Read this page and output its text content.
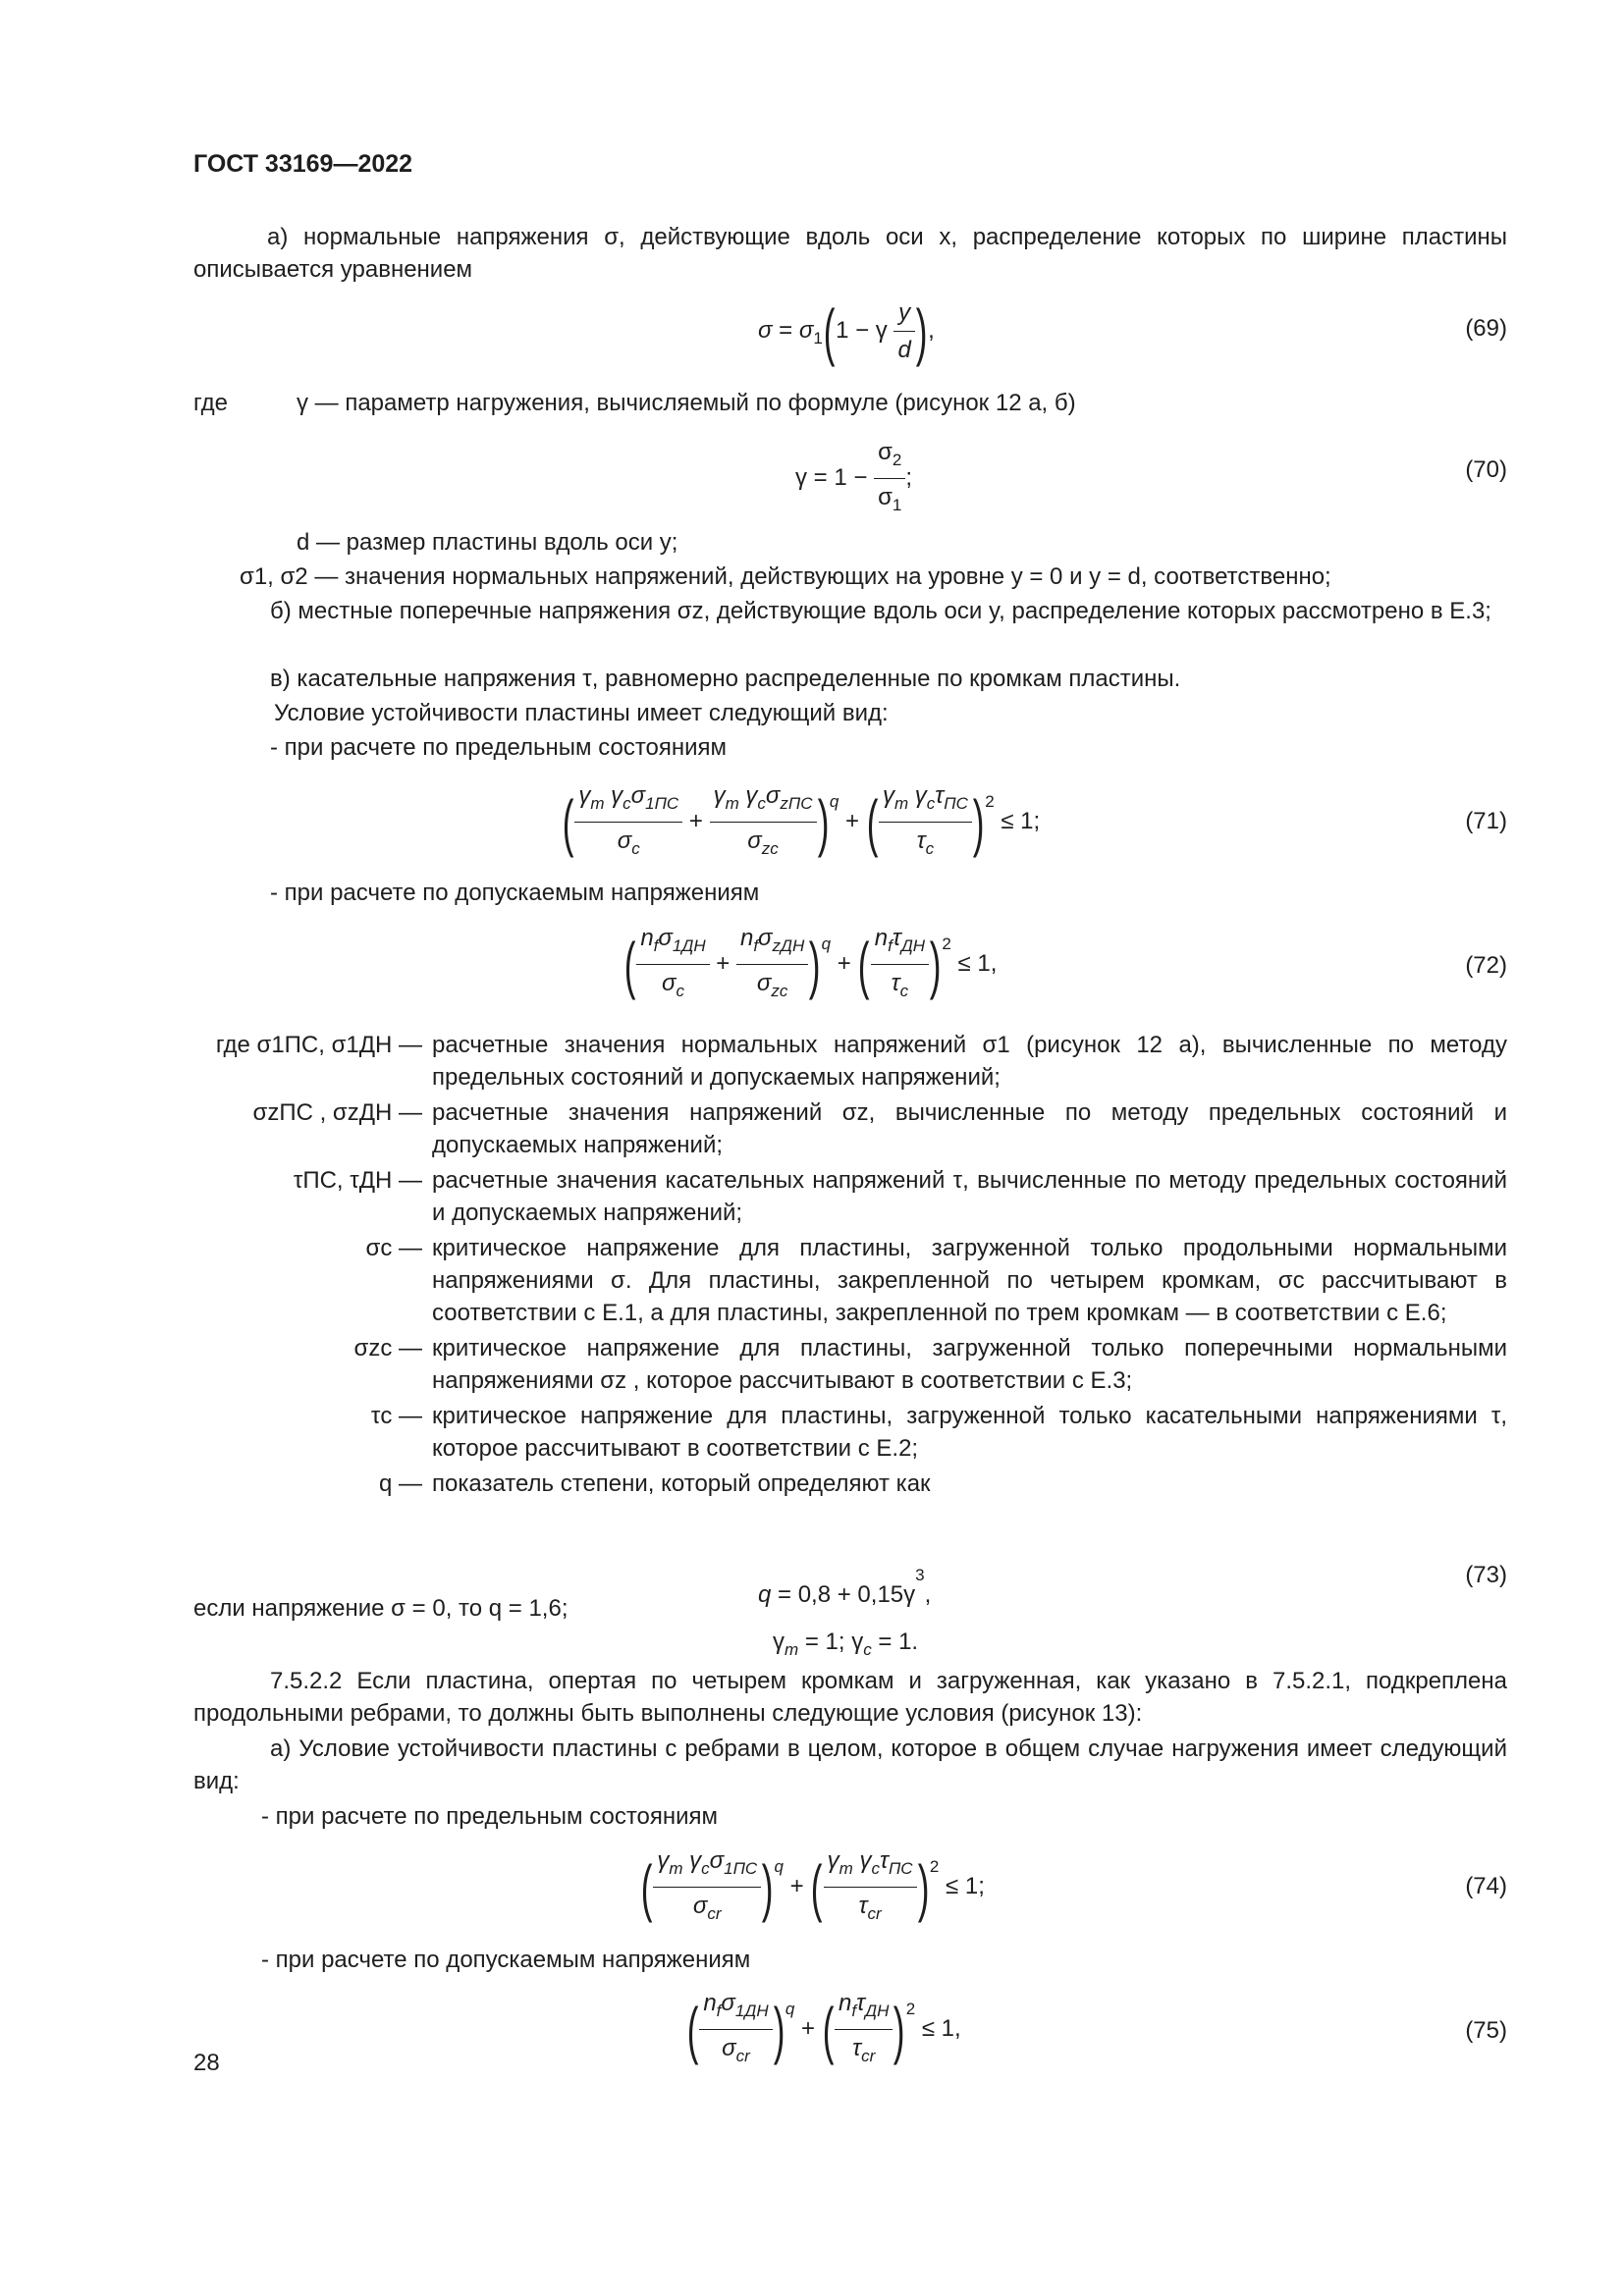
ГОСТ 33169—2022

а) нормальные напряжения σ, действующие вдоль оси x, распределение которых по ширине пластины описывается уравнением

$\sigma = \sigma_1(1 - \gamma \frac{y}{d}$ ),	(69)
где	γ — параметр нагружения, вычисляемый по формуле (рисунок 12 а, б)
$\gamma = 1 - \frac{\sigma_2}{\sigma_1}$ ;	(70)
d — размер пластины вдоль оси y;
σ1, σ2 — значения нормальных напряжений, действующих на уровне y = 0 и y = d, соответственно;

б) местные поперечные напряжения σz, действующие вдоль оси y, распределение которых рассмотрено в Е.3;

в) касательные напряжения τ, равномерно распределенные по кромкам пластины.

Условие устойчивости пластины имеет следующий вид:

- при расчете по предельным состояниям

( $\frac{\gamma_m \gamma_c\sigma_{1ПС}}{\sigma_c} + \frac{\gamma_m \gamma_c\sigma_{zПС}}{\sigma_{zc}} )^q$ + ( $\frac{\gamma_m \gamma_c\tau_{ПС}}{\tau_c} )^2 \le 1$;	(71)

- при расчете по допускаемым напряжениям

( $\frac{n_f\sigma_{1ДН}}{\sigma_c} + \frac{n_f\sigma_{zДН}}{\sigma_{zc}} )^q$ + ( $\frac{n_f\tau_{ДН}}{\tau_c} )^2 \le 1$,	(72)
где σ1ПС, σ1ДН — расчетные значения нормальных напряжений σ1 (рисунок 12 а), вычисленные по методу предельных состояний и допускаемых напряжений;
σzПС , σzДН — расчетные значения напряжений σz, вычисленные по методу предельных состояний и допускаемых напряжений;
τПС, τДН — расчетные значения касательных напряжений τ, вычисленные по методу предельных состояний и допускаемых напряжений;
σc — критическое напряжение для пластины, загруженной только продольными нормальными напряжениями σ. Для пластины, закрепленной по четырем кромкам, σc рассчитывают в соответствии с Е.1, а для пластины, закрепленной по трем кромкам — в соответствии с Е.6;
σzc — критическое напряжение для пластины, загруженной только поперечными нормальными напряжениями σz , которое рассчитывают в соответствии с Е.3;
τc — критическое напряжение для пластины, загруженной только касательными напряжениями τ, которое рассчитывают в соответствии с Е.2;
q — показатель степени, который определяют как
$q = 0,8 + 0,15\gamma^3$,
(73)

если напряжение σ = 0, то q = 1,6;

$\gamma_m = 1$; $\gamma_c = 1$.

7.5.2.2 Если пластина, опертая по четырем кромкам и загруженная, как указано в 7.5.2.1, подкреплена продольными ребрами, то должны быть выполнены следующие условия (рисунок 13):

а) Условие устойчивости пластины с ребрами в целом, которое в общем случае нагружения имеет следующий вид:

- при расчете по предельным состояниям

( $\frac{\gamma_m \gamma_c\sigma_{1ПС}}{\sigma_{cr}} )^q$ + ( $\frac{\gamma_m \gamma_c\tau_{ПС}}{\tau_{cr}} )^2 \le 1$;	(74)

- при расчете по допускаемым напряжениям

( $\frac{n_f\sigma_{1ДН}}{\sigma_{cr}} )^q$ + ( $\frac{n_f\tau_{ДН}}{\tau_{cr}} )^2 \le 1$,	(75)
28
